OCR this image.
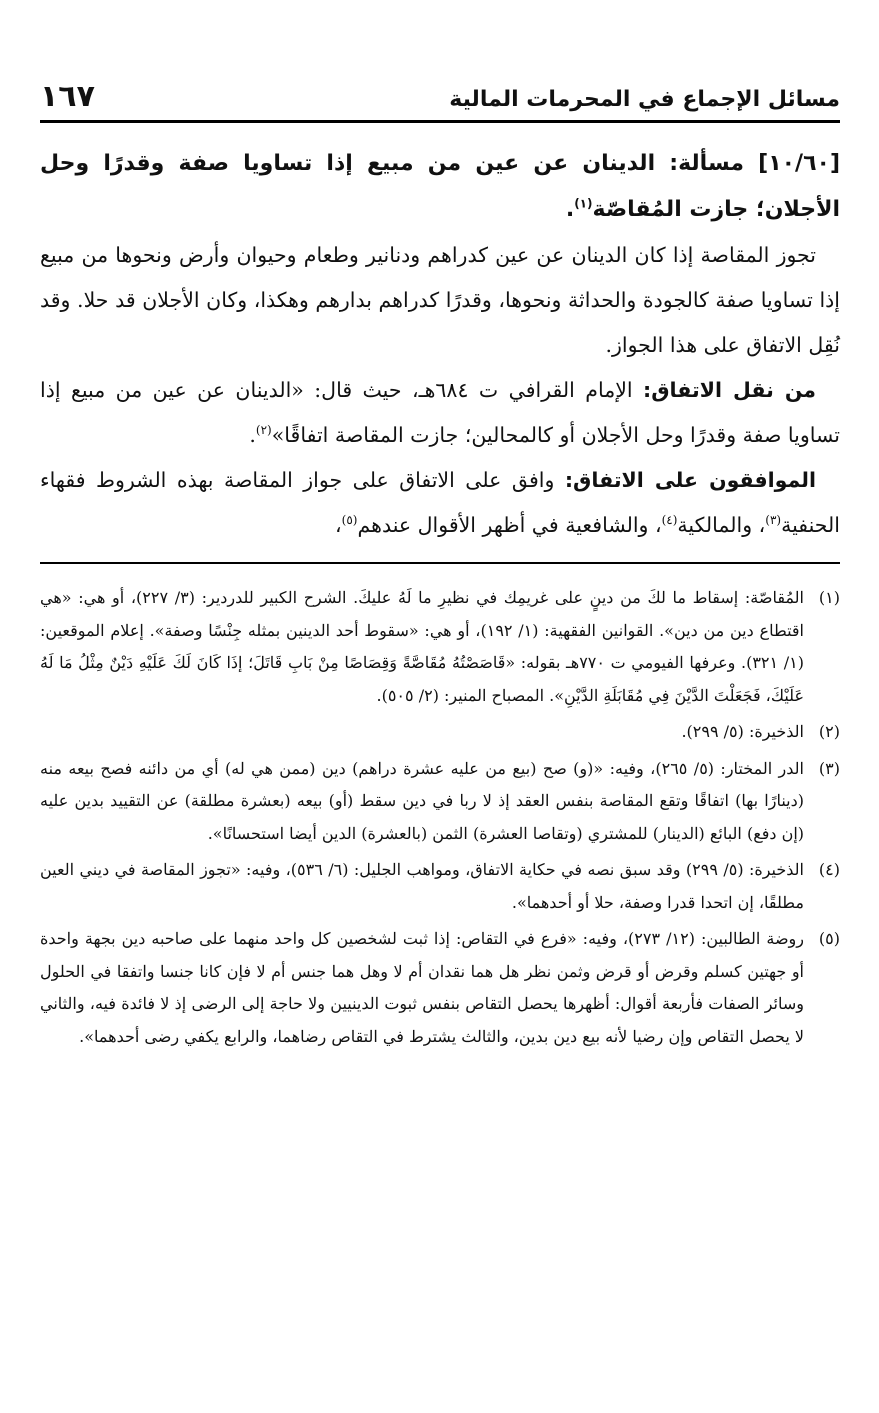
مسائل الإجماع في المحرمات المالية
١٦٧

[١٠/٦٠] مسألة: الدينان عن عين من مبيع إذا تساويا صفة وقدرًا وحل الأجلان؛ جازت المُقاصّة$^{(١)}$.

تجوز المقاصة إذا كان الدينان عن عين كدراهم ودنانير وطعام وحيوان وأرض ونحوها من مبيع إذا تساويا صفة كالجودة والحداثة ونحوها، وقدرًا كدراهم بدارهم وهكذا، وكان الأجلان قد حلا. وقد نُقِل الاتفاق على هذا الجواز.

من نقل الاتفاق: الإمام القرافي ت ٦٨٤هـ، حيث قال: «الدينان عن عين من مبيع إذا تساويا صفة وقدرًا وحل الأجلان أو كالمحالين؛ جازت المقاصة اتفاقًا»$^{(٢)}$.

الموافقون على الاتفاق: وافق على الاتفاق على جواز المقاصة بهذه الشروط فقهاء الحنفية$^{(٣)}$، والمالكية$^{(٤)}$، والشافعية في أظهر الأقوال عندهم$^{(٥)}$،

(١)
المُقاصّة: إسقاط ما لكَ من دينٍ على غريمِك في نظيرِ ما لَهُ عليكَ. الشرح الكبير للدردير: (٣/ ٢٢٧)، أو هي: «هي اقتطاع دين من دين». القوانين الفقهية: (١/ ١٩٢)، أو هي: «سقوط أحد الدينين بمثله جِنْسًا وصفة». إعلام الموقعين: (١/ ٣٢١). وعرفها الفيومي ت ٧٧٠هـ بقوله: «قَاصَصْتُهُ مُقَاصَّةً وَقِصَاصًا مِنْ بَابِ قَاتَلَ؛ إذَا كَانَ لَكَ عَلَيْهِ دَيْنٌ مِثْلُ مَا لَهُ عَلَيْكَ، فَجَعَلْتَ الدَّيْنَ فِي مُقَابَلَةِ الدَّيْنِ». المصباح المنير: (٢/ ٥٠٥).
(٢)
الذخيرة: (٥/ ٢٩٩).
(٣)
الدر المختار: (٥/ ٢٦٥)، وفيه: «(و) صح (بيع من عليه عشرة دراهم) دين (ممن هي له) أي من دائنه فصح بيعه منه (دينارًا بها) اتفاقًا وتقع المقاصة بنفس العقد إذ لا ربا في دين سقط (أو) بيعه (بعشرة مطلقة) عن التقييد بدين عليه (إن دفع) البائع (الدينار) للمشتري (وتقاصا العشرة) الثمن (بالعشرة) الدين أيضا استحسانًا».
(٤)
الذخيرة: (٥/ ٢٩٩) وقد سبق نصه في حكاية الاتفاق، ومواهب الجليل: (٦/ ٥٣٦)، وفيه: «تجوز المقاصة في ديني العين مطلقًا، إن اتحدا قدرا وصفة، حلا أو أحدهما».
(٥)
روضة الطالبين: (١٢/ ٢٧٣)، وفيه: «فرع في التقاص: إذا ثبت لشخصين كل واحد منهما على صاحبه دين بجهة واحدة أو جهتين كسلم وقرض أو قرض وثمن نظر هل هما نقدان أم لا وهل هما جنس أم لا فإن كانا جنسا واتفقا في الحلول وسائر الصفات فأربعة أقوال: أظهرها يحصل التقاص بنفس ثبوت الدينيين ولا حاجة إلى الرضى إذ لا فائدة فيه، والثاني لا يحصل التقاص وإن رضيا لأنه بيع دين بدين، والثالث يشترط في التقاص رضاهما، والرابع يكفي رضى أحدهما».
